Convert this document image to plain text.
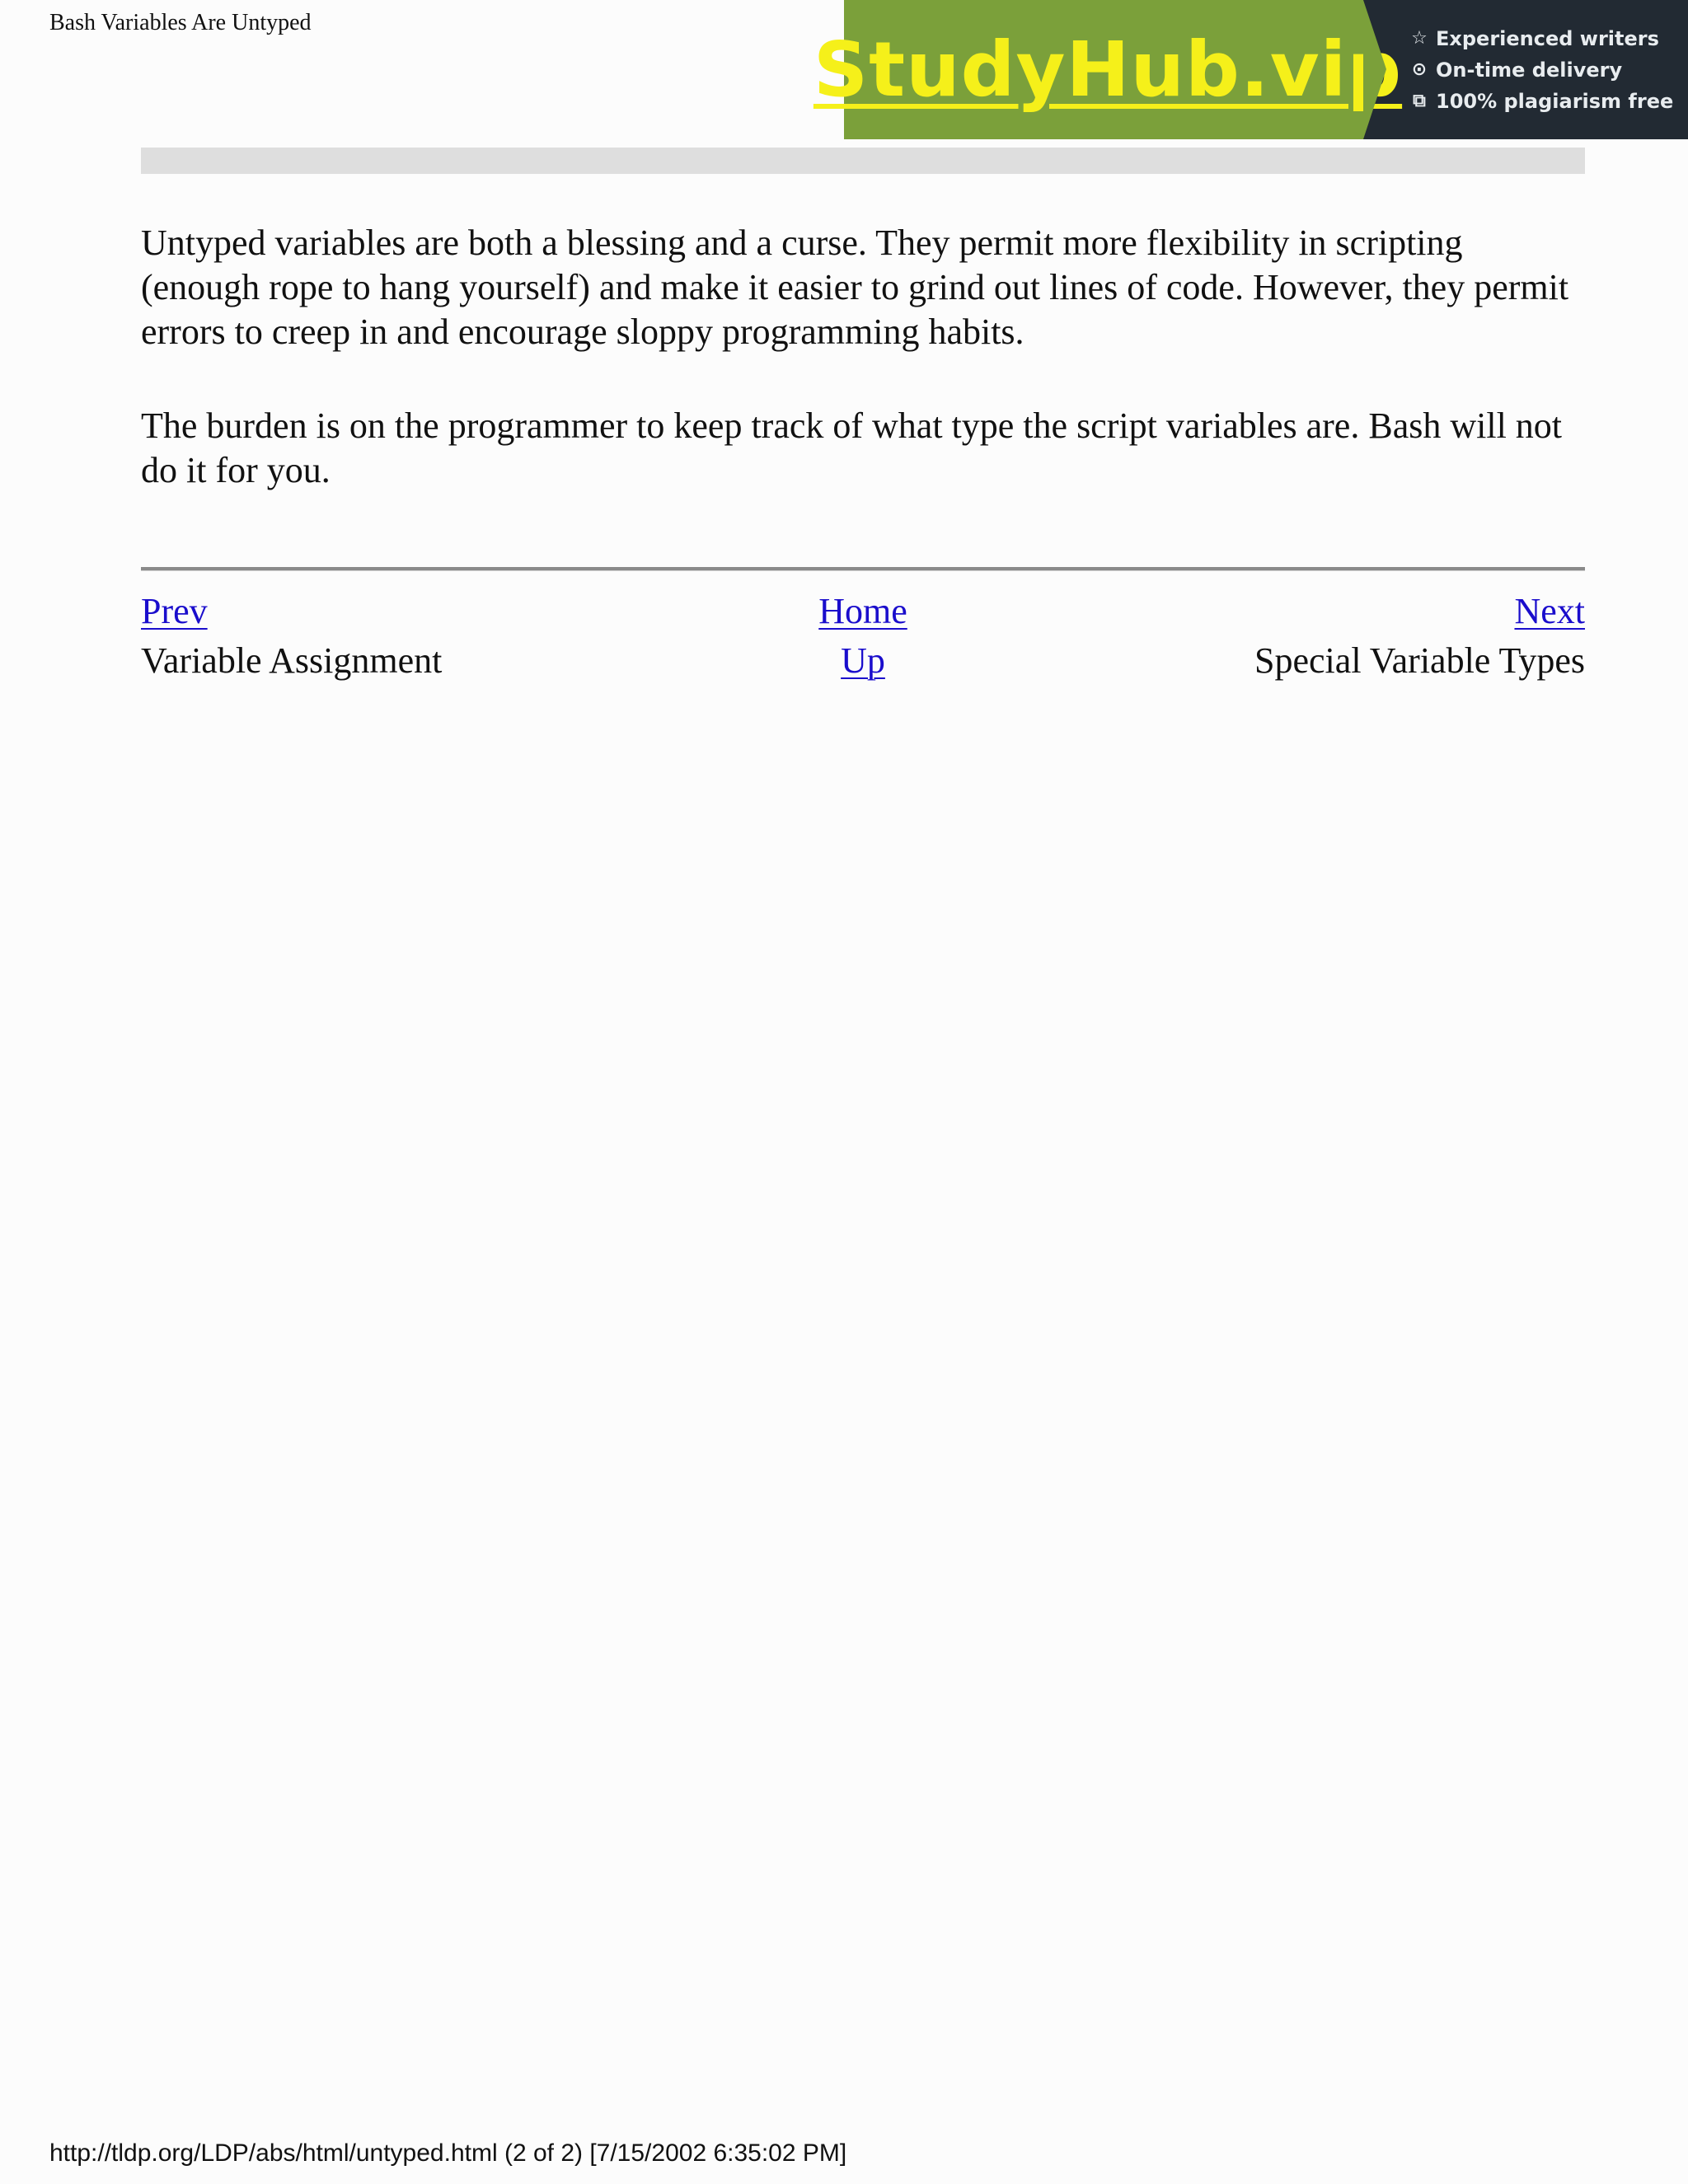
Bash Variables Are Untyped
StudyHub.vip ☆ Experienced writers
⊙ On-time delivery
⧉ 100% plagiarism free

Untyped variables are both a blessing and a curse. They permit more flexibility in scripting (enough rope to hang yourself) and make it easier to grind out lines of code. However, they permit errors to creep in and encourage sloppy programming habits.

The burden is on the programmer to keep track of what type the script variables are. Bash will not do it for you.

Prev	Home	Next
Variable Assignment	Up	Special Variable Types
http://tldp.org/LDP/abs/html/untyped.html (2 of 2) [7/15/2002 6:35:02 PM]
